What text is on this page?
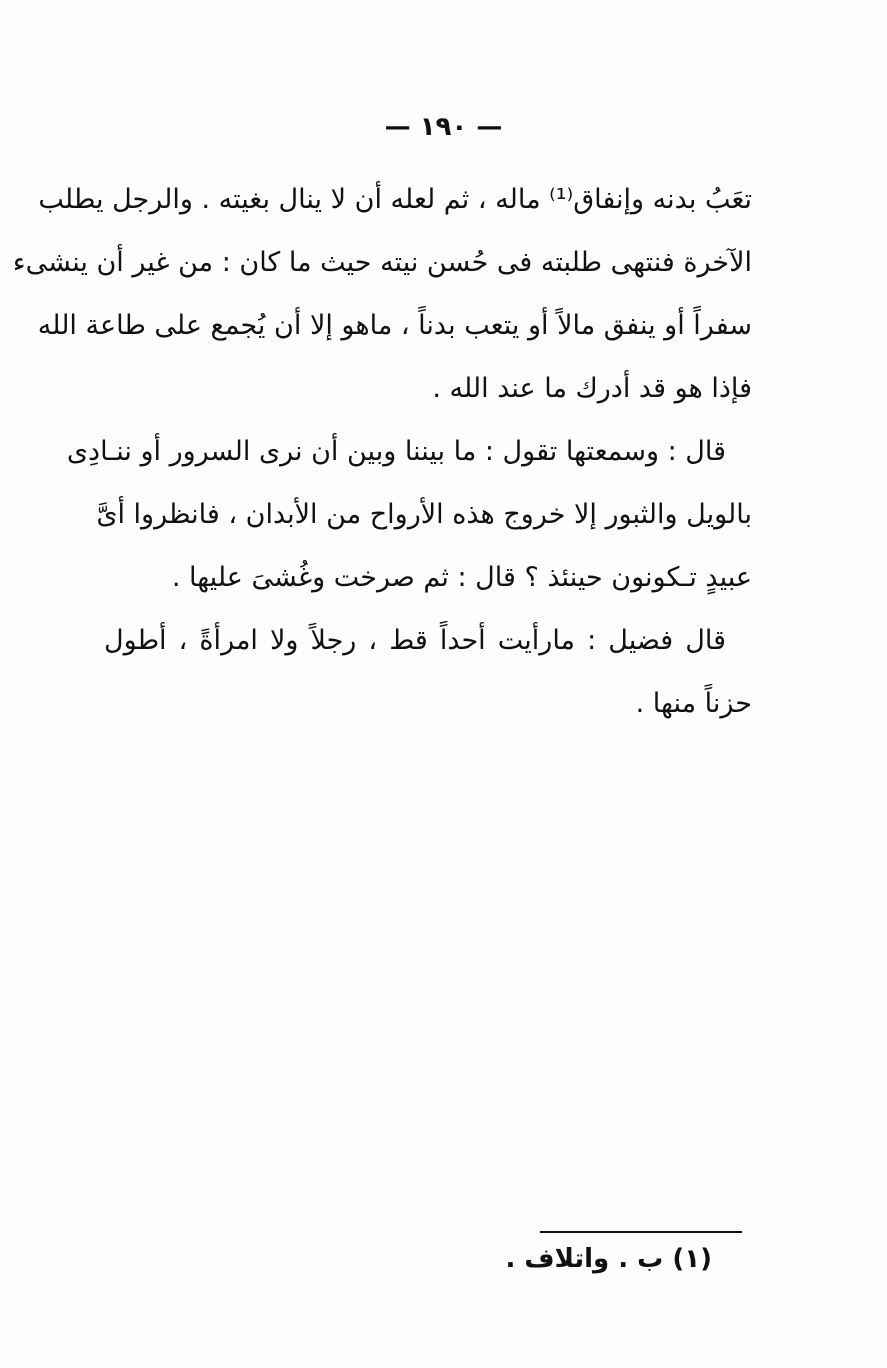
— ١٩٠ —
تعَبُ بدنه وإنفاق⁽¹⁾ ماله ، ثم لعله أن لا ينال بغيته . والرجل يطلب
الآخرة فنتهى طلبته فى حُسن نيته حيث ما كان : من غير أن ينشىء
سفراً أو ينفق مالاً أو يتعب بدناً ، ماهو إلا أن يُجمع على طاعة الله
فإذا هو قد أدرك ما عند الله .
قال : وسمعتها تقول : ما بيننا وبين أن نرى السرور أو ننـادِى
بالويل والثبور إلا خروج هذه الأرواح من الأبدان ، فانظروا أىَّ
عبيدٍ تـكونون حينئذ ؟ قال : ثم صرخت وغُشىَ عليها .
قال فضيل : مارأيت أحداً قط ، رجلاً ولا امرأةً ، أطول
حزناً منها .
(١) ب . واتلاف .
